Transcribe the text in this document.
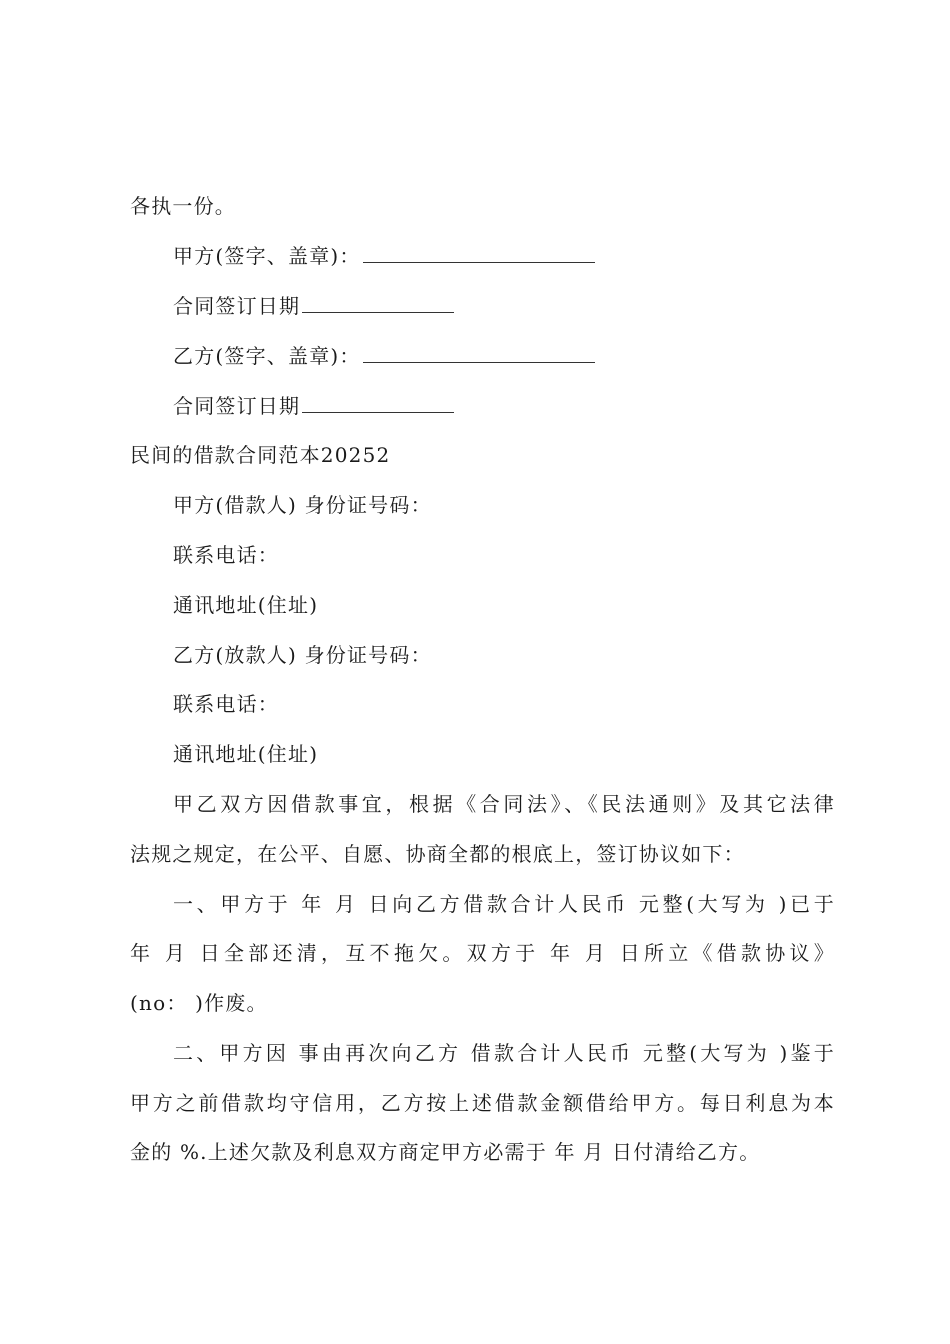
各执一份。
甲方(签字、盖章)：
合同签订日期
乙方(签字、盖章)：
合同签订日期
民间的借款合同范本20252
甲方(借款人) 身份证号码：
联系电话：
通讯地址(住址)
乙方(放款人) 身份证号码：
联系电话：
通讯地址(住址)
甲乙双方因借款事宜，根据《合同法》、《民法通则》及其它法律
法规之规定，在公平、自愿、协商全都的根底上，签订协议如下：
一、甲方于 年 月 日向乙方借款合计人民币 元整(大写为 )已于
年 月 日全部还清，互不拖欠。双方于 年 月 日所立《借款协议》
(no： )作废。
二、甲方因 事由再次向乙方 借款合计人民币 元整(大写为 )鉴于
甲方之前借款均守信用，乙方按上述借款金额借给甲方。每日利息为本
金的 %.上述欠款及利息双方商定甲方必需于 年 月 日付清给乙方。
